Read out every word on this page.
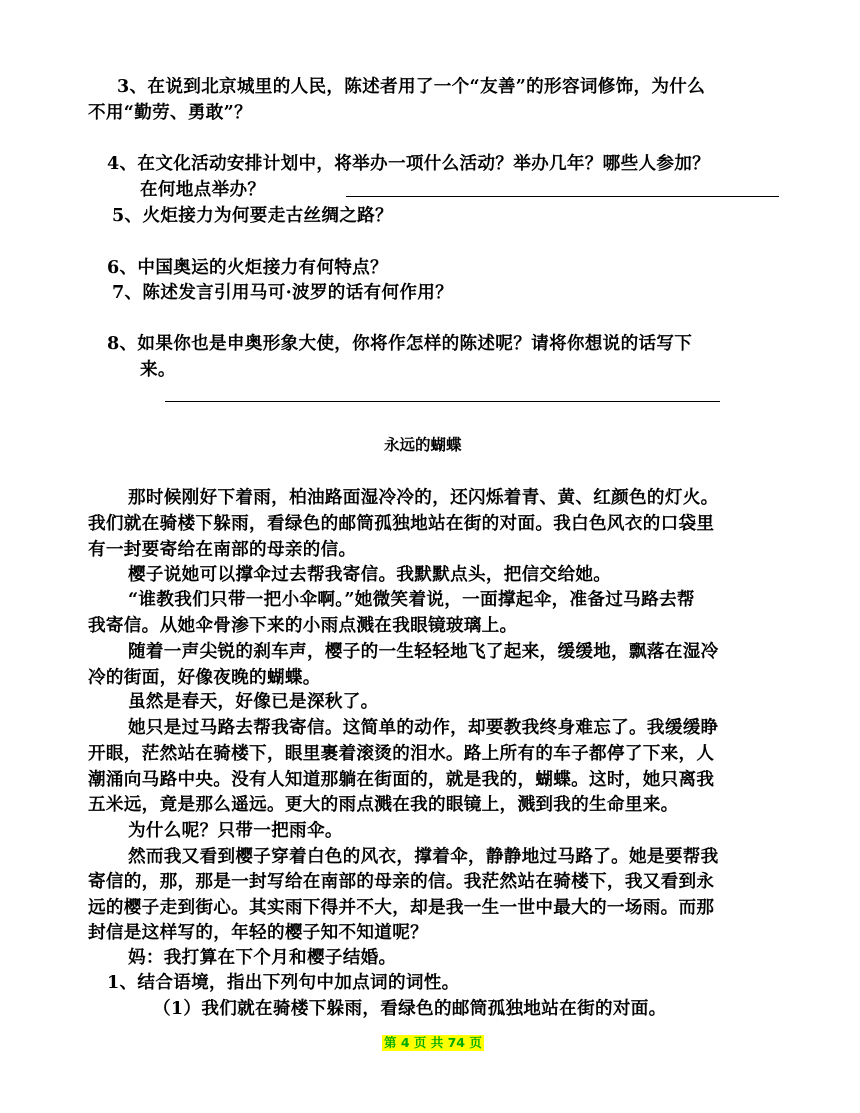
3、在说到北京城里的人民，陈述者用了一个“友善”的形容词修饰，为什么
不用“勤劳、勇敢”？
4、在文化活动安排计划中，将举办一项什么活动？举办几年？哪些人参加？
在何地点举办？
5、火炬接力为何要走古丝绸之路？
6、中国奥运的火炬接力有何特点？
7、陈述发言引用马可·波罗的话有何作用？
8、如果你也是申奥形象大使，你将作怎样的陈述呢？请将你想说的话写下
来。
永远的蝴蝶
那时候刚好下着雨，柏油路面湿冷冷的，还闪烁着青、黄、红颜色的灯火。
我们就在骑楼下躲雨，看绿色的邮筒孤独地站在街的对面。我白色风衣的口袋里
有一封要寄给在南部的母亲的信。
樱子说她可以撑伞过去帮我寄信。我默默点头，把信交给她。
“谁教我们只带一把小伞啊。”她微笑着说，一面撑起伞，准备过马路去帮
我寄信。从她伞骨渗下来的小雨点溅在我眼镜玻璃上。
随着一声尖锐的刹车声，樱子的一生轻轻地飞了起来，缓缓地，飘落在湿冷
冷的街面，好像夜晚的蝴蝶。
虽然是春天，好像已是深秋了。
她只是过马路去帮我寄信。这简单的动作，却要教我终身难忘了。我缓缓睁
开眼，茫然站在骑楼下，眼里裹着滚烫的泪水。路上所有的车子都停了下来，人
潮涌向马路中央。没有人知道那躺在街面的，就是我的，蝴蝶。这时，她只离我
五米远，竟是那么遥远。更大的雨点溅在我的眼镜上，溅到我的生命里来。
为什么呢？只带一把雨伞。
然而我又看到樱子穿着白色的风衣，撑着伞，静静地过马路了。她是要帮我
寄信的，那，那是一封写给在南部的母亲的信。我茫然站在骑楼下，我又看到永
远的樱子走到街心。其实雨下得并不大，却是我一生一世中最大的一场雨。而那
封信是这样写的，年轻的樱子知不知道呢？
妈：我打算在下个月和樱子结婚。
1、结合语境，指出下列句中加点词的词性。
（1）我们就在骑楼下躲雨，看绿色的邮筒孤独地站在街的对面。
第 4 页 共 74 页
